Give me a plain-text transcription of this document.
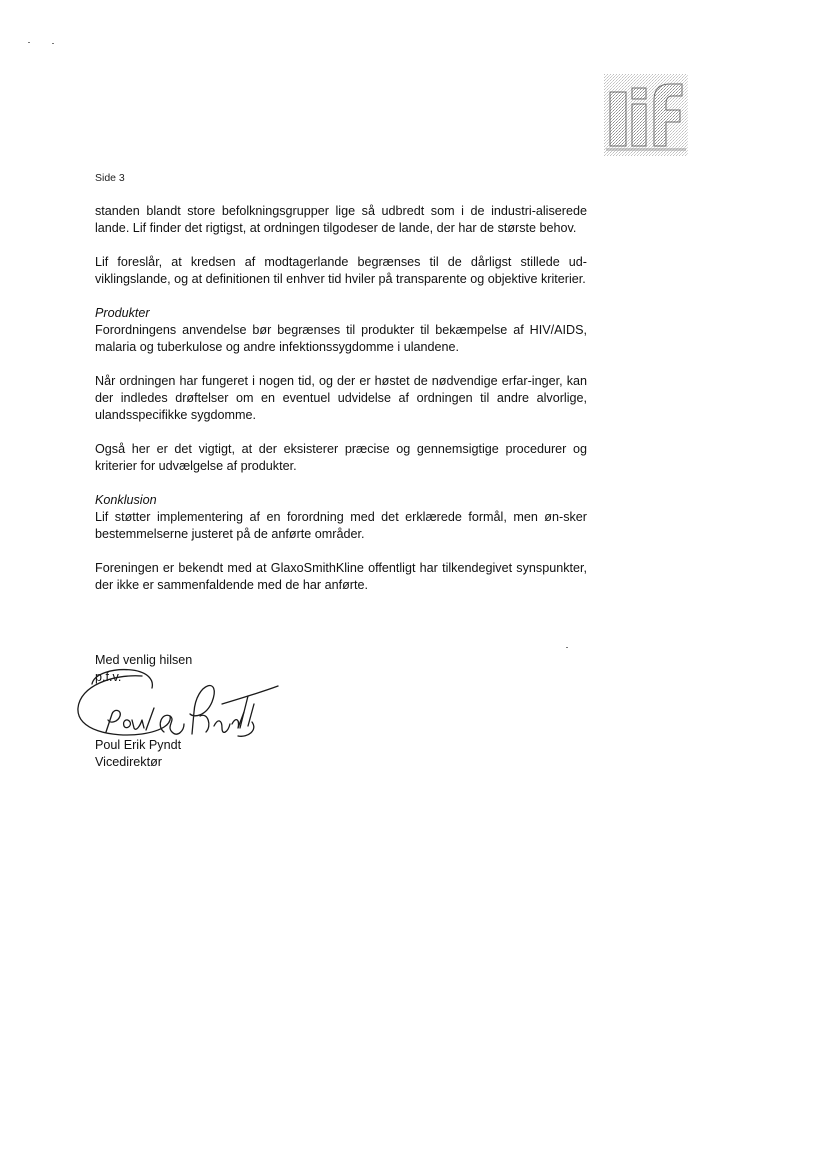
Side 3

standen blandt store befolkningsgrupper lige så udbredt som i de industri-aliserede lande. Lif finder det rigtigst, at ordningen tilgodeser de lande, der har de største behov.

Lif foreslår, at kredsen af modtagerlande begrænses til de dårligst stillede ud-viklingslande, og at definitionen til enhver tid hviler på transparente og objektive kriterier.

Produkter

Forordningens anvendelse bør begrænses til produkter til bekæmpelse af HIV/AIDS, malaria og tuberkulose og andre infektionssygdomme i ulandene.

Når ordningen har fungeret i nogen tid, og der er høstet de nødvendige erfar-inger, kan der indledes drøftelser om en eventuel udvidelse af ordningen til andre alvorlige, ulandsspecifikke sygdomme.

Også her er det vigtigt, at der eksisterer præcise og gennemsigtige procedurer og kriterier for udvælgelse af produkter.

Konklusion

Lif støtter implementering af en forordning med det erklærede formål, men øn-sker bestemmelserne justeret på de anførte områder.

Foreningen er bekendt med at GlaxoSmithKline offentligt har tilkendegivet synspunkter, der ikke er sammenfaldende med de har anførte.

Med venlig hilsen
p.f.v.
Poul Erik Pyndt
Vicedirektør
